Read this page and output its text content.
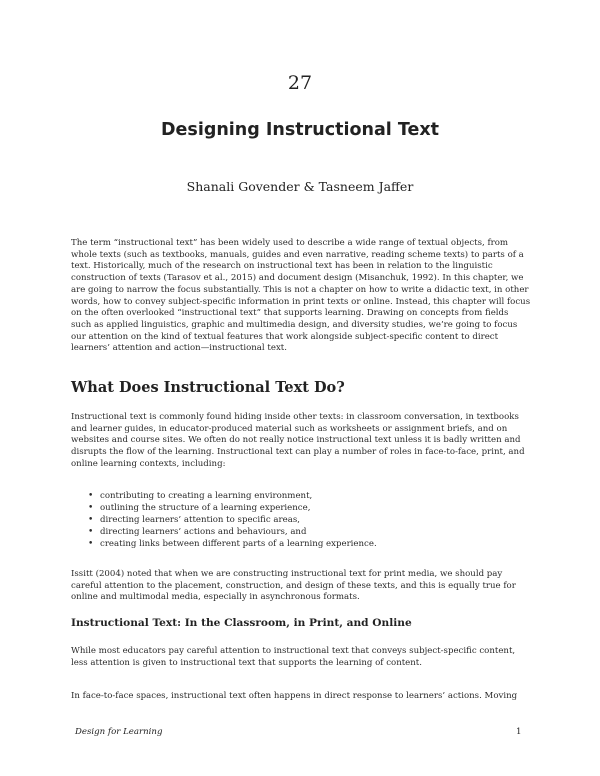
27
Designing Instructional Text
Shanali Govender & Tasneem Jaffer

The term “instructional text” has been widely used to describe a wide range of textual objects, from whole texts (such as textbooks, manuals, guides and even narrative, reading scheme texts) to parts of a text. Historically, much of the research on instructional text has been in relation to the linguistic construction of texts (Tarasov et al., 2015) and document design (Misanchuk, 1992). In this chapter, we are going to narrow the focus substantially. This is not a chapter on how to write a didactic text, in other words, how to convey subject-specific information in print texts or online. Instead, this chapter will focus on the often overlooked “instructional text” that supports learning. Drawing on concepts from fields such as applied linguistics, graphic and multimedia design, and diversity studies, we’re going to focus our attention on the kind of textual features that work alongside subject-specific content to direct learners’ attention and action—instructional text.

What Does Instructional Text Do?

Instructional text is commonly found hiding inside other texts: in classroom conversation, in textbooks and learner guides, in educator-produced material such as worksheets or assignment briefs, and on websites and course sites. We often do not really notice instructional text unless it is badly written and disrupts the flow of the learning. Instructional text can play a number of roles in face-to-face, print, and online learning contexts, including:

• contributing to creating a learning environment,
• outlining the structure of a learning experience,
• directing learners’ attention to specific areas,
• directing learners’ actions and behaviours, and
• creating links between different parts of a learning experience.

Issitt (2004) noted that when we are constructing instructional text for print media, we should pay careful attention to the placement, construction, and design of these texts, and this is equally true for online and multimodal media, especially in asynchronous formats.

Instructional Text: In the Classroom, in Print, and Online

While most educators pay careful attention to instructional text that conveys subject-specific content, less attention is given to instructional text that supports the learning of content.

In face-to-face spaces, instructional text often happens in direct response to learners’ actions. Moving

Design for Learning	1
